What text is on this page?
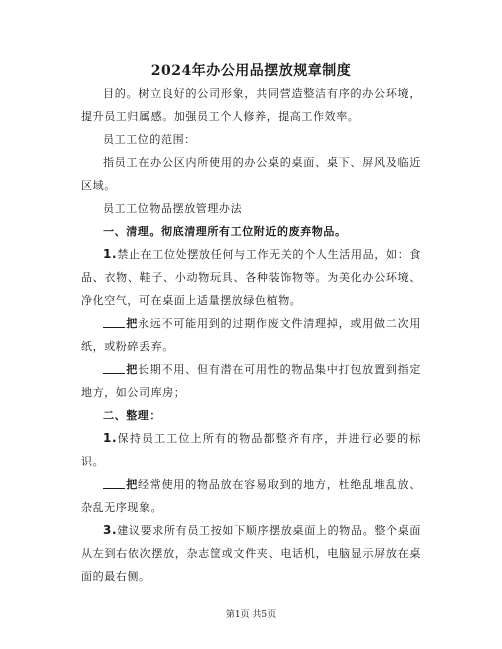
2024年办公用品摆放规章制度

目的。树立良好的公司形象，共同营造整洁有序的办公环境，提升员工归属感。加强员工个人修养，提高工作效率。

员工工位的范围：

指员工在办公区内所使用的办公桌的桌面、桌下、屏风及临近区域。

员工工位物品摆放管理办法

一、清理。彻底清理所有工位附近的废弃物品。

1.禁止在工位处摆放任何与工作无关的个人生活用品，如：食品、衣物、鞋子、小动物玩具、各种装饰物等。为美化办公环境、净化空气，可在桌面上适量摆放绿色植物。

把永远不可能用到的过期作废文件清理掉，或用做二次用纸，或粉碎丢弃。

把长期不用、但有潜在可用性的物品集中打包放置到指定地方，如公司库房；

二、整理：

1.保持员工工位上所有的物品都整齐有序，并进行必要的标识。

把经常使用的物品放在容易取到的地方，杜绝乱堆乱放、杂乱无序现象。

3.建议要求所有员工按如下顺序摆放桌面上的物品。整个桌面从左到右依次摆放，杂志筐或文件夹、电话机，电脑显示屏放在桌面的最右侧。

第1页 共5页
